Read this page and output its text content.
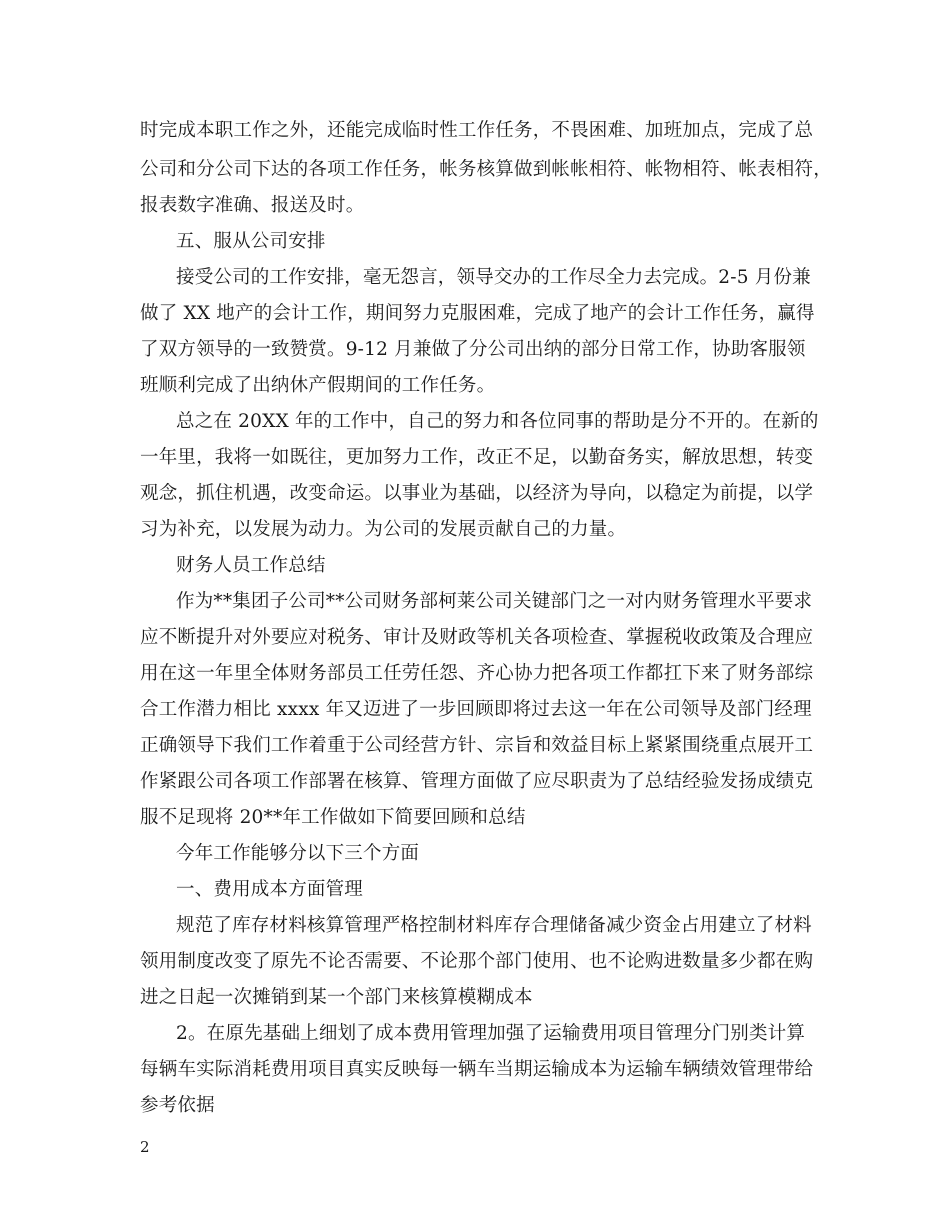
时完成本职工作之外，还能完成临时性工作任务，不畏困难、加班加点，完成了总
公司和分公司下达的各项工作任务，帐务核算做到帐帐相符、帐物相符、帐表相符，
报表数字准确、报送及时。
五、服从公司安排
接受公司的工作安排，毫无怨言，领导交办的工作尽全力去完成。2-5 月份兼
做了 XX 地产的会计工作，期间努力克服困难，完成了地产的会计工作任务，赢得
了双方领导的一致赞赏。9-12 月兼做了分公司出纳的部分日常工作，协助客服领
班顺利完成了出纳休产假期间的工作任务。
总之在 20XX 年的工作中，自己的努力和各位同事的帮助是分不开的。在新的
一年里，我将一如既往，更加努力工作，改正不足，以勤奋务实，解放思想，转变
观念，抓住机遇，改变命运。以事业为基础，以经济为导向，以稳定为前提，以学
习为补充，以发展为动力。为公司的发展贡献自己的力量。
财务人员工作总结
作为**集团子公司**公司财务部柯莱公司关键部门之一对内财务管理水平要求
应不断提升对外要应对税务、审计及财政等机关各项检查、掌握税收政策及合理应
用在这一年里全体财务部员工任劳任怨、齐心协力把各项工作都扛下来了财务部综
合工作潜力相比 xxxx 年又迈进了一步回顾即将过去这一年在公司领导及部门经理
正确领导下我们工作着重于公司经营方针、宗旨和效益目标上紧紧围绕重点展开工
作紧跟公司各项工作部署在核算、管理方面做了应尽职责为了总结经验发扬成绩克
服不足现将 20**年工作做如下简要回顾和总结
今年工作能够分以下三个方面
一、费用成本方面管理
规范了库存材料核算管理严格控制材料库存合理储备减少资金占用建立了材料
领用制度改变了原先不论否需要、不论那个部门使用、也不论购进数量多少都在购
进之日起一次摊销到某一个部门来核算模糊成本
2。在原先基础上细划了成本费用管理加强了运输费用项目管理分门别类计算
每辆车实际消耗费用项目真实反映每一辆车当期运输成本为运输车辆绩效管理带给
参考依据
2
